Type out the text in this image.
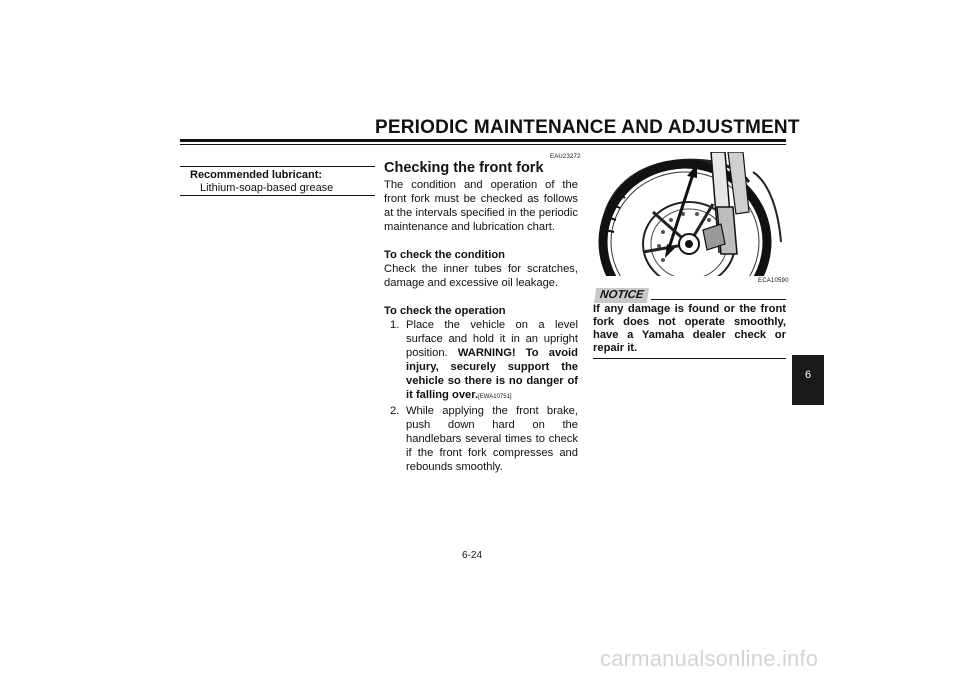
PERIODIC MAINTENANCE AND ADJUSTMENT
Recommended lubricant:
Lithium-soap-based grease
EAU23272
Checking the front fork

The condition and operation of the front fork must be checked as follows at the intervals specified in the periodic maintenance and lubrication chart.

To check the condition

Check the inner tubes for scratches, damage and excessive oil leakage.

To check the operation

1. Place the vehicle on a level surface and hold it in an upright position. WARNING! To avoid injury, securely support the vehicle so there is no danger of it falling over.[EWA10751]
2. While applying the front brake, push down hard on the handlebars several times to check if the front fork compresses and rebounds smoothly.
ECA10590
NOTICE
If any damage is found or the front fork does not operate smoothly, have a Yamaha dealer check or repair it.
6
6-24
carmanualsonline.info
